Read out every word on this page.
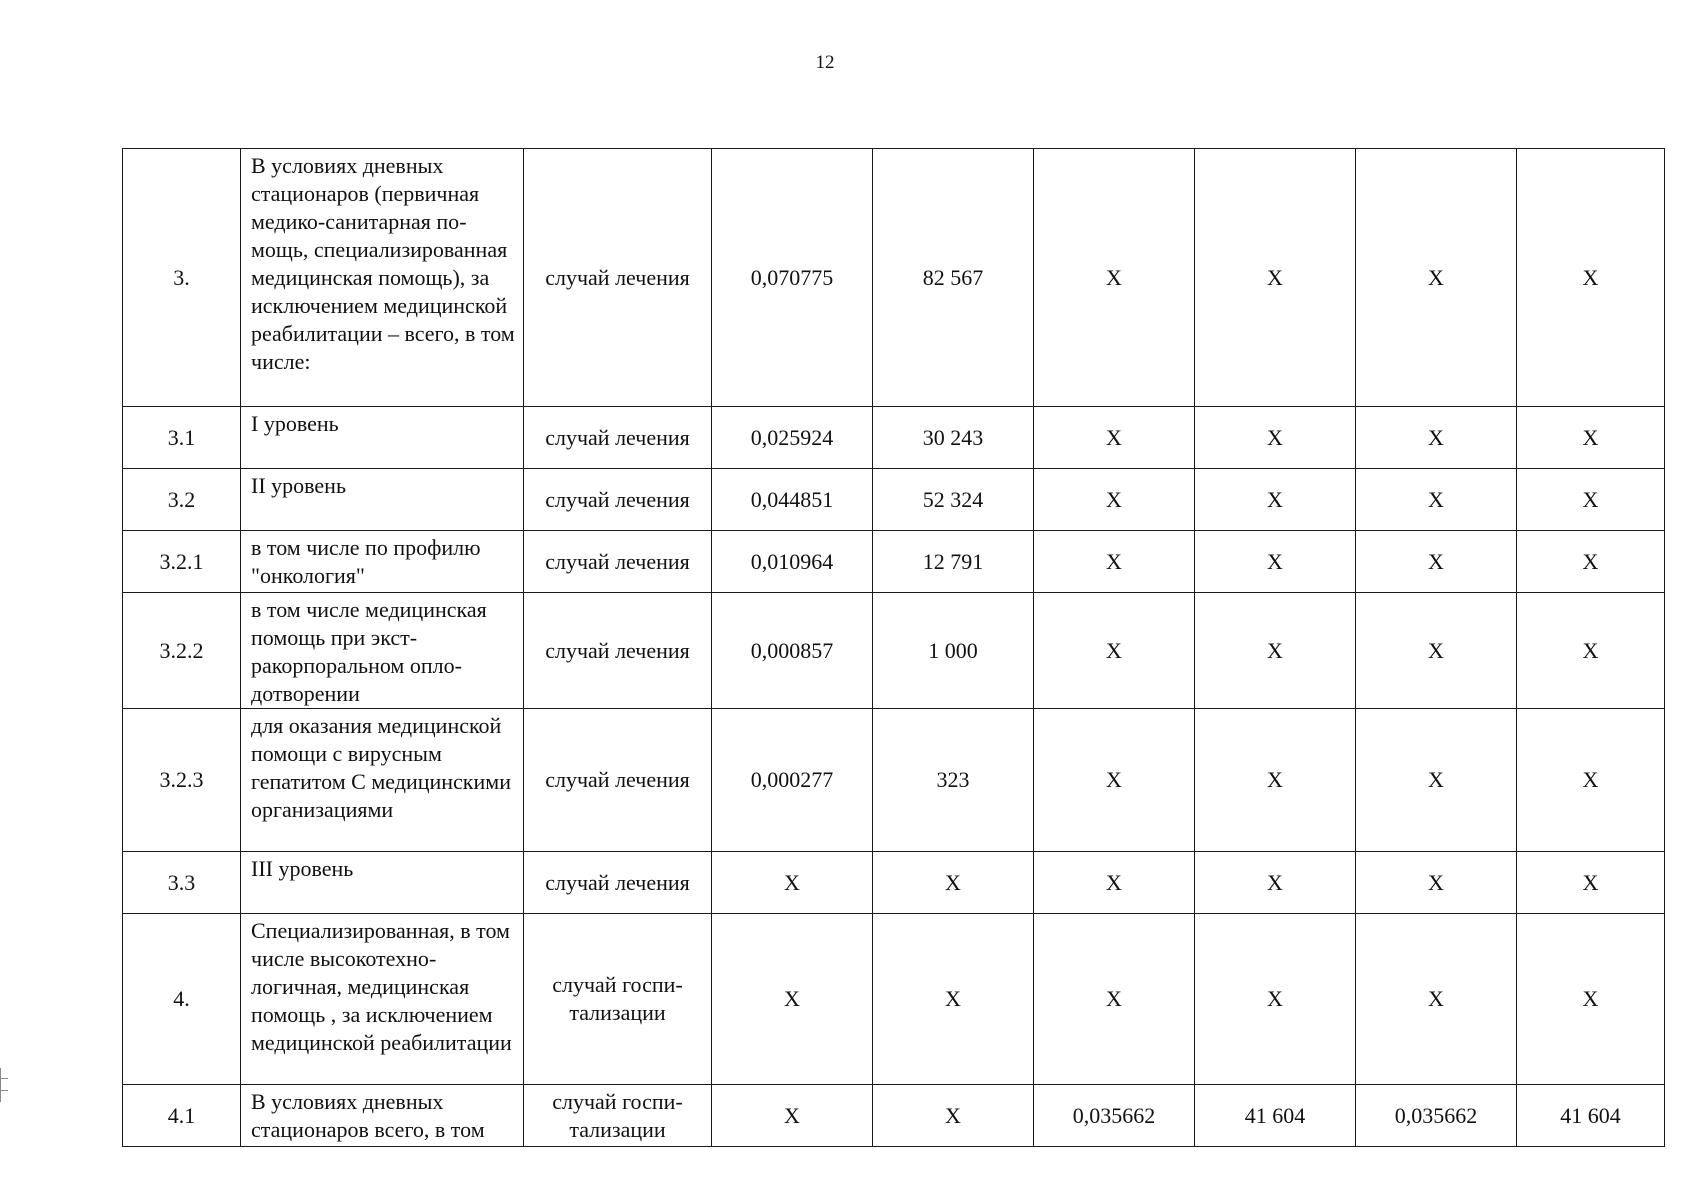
12
3.	В условиях дневных стационаров (первичная медико-санитарная помощь, специализированная медицинская помощь), за исключением медицинской реабилитации – всего, в том числе:	случай лечения	0,070775	82 567	X	X	X	X
3.1	I уровень	случай лечения	0,025924	30 243	X	X	X	X
3.2	II уровень	случай лечения	0,044851	52 324	X	X	X	X
3.2.1	в том числе по профилю "онкология"	случай лечения	0,010964	12 791	X	X	X	X
3.2.2	в том числе медицинская помощь при экстракорпоральном оплодотворении	случай лечения	0,000857	1 000	X	X	X	X
3.2.3	для оказания медицинской помощи с вирусным гепатитом С медицинскими организациями	случай лечения	0,000277	323	X	X	X	X
3.3	III уровень	случай лечения	X	X	X	X	X	X
4.	Специализированная, в том числе высокотехнологичная, медицинская помощь , за исключением медицинской реабилитации	случай госпитализации	X	X	X	X	X	X
4.1	В условиях дневных стационаров всего, в том	случай госпитализации	X	X	0,035662	41 604	0,035662	41 604
